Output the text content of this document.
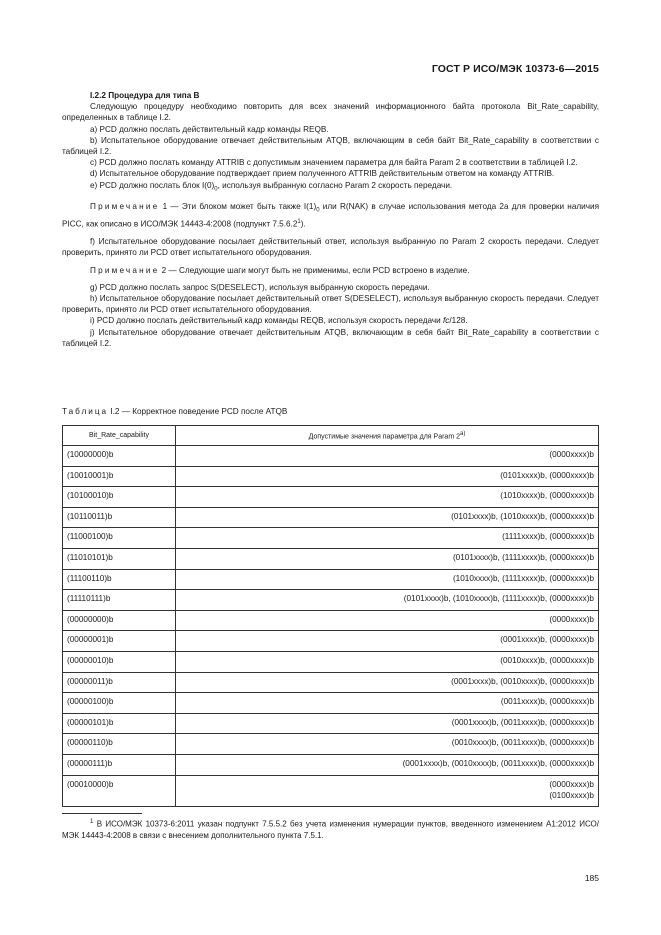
ГОСТ Р ИСО/МЭК 10373-6—2015
I.2.2 Процедура для типа В

Следующую процедуру необходимо повторить для всех значений информационного байта протокола Bit_Rate_capability, определенных в таблице I.2.

а) PCD должно послать действительный кадр команды REQB.

b) Испытательное оборудование отвечает действительным ATQB, включающим в себя байт Bit_Rate_capability в соответствии с таблицей I.2.

с) PCD должно послать команду ATTRIB с допустимым значением параметра для байта Param 2 в соответствии в таблицей I.2.

d) Испытательное оборудование подтверждает прием полученного ATTRIB действительным ответом на команду ATTRIB.

е) PCD должно послать блок $I(0)_0$, используя выбранную согласно Param 2 скорость передачи.

Примечание 1 — Эти блоком может быть также $I(1)_0$ или R(NAK) в случае использования метода 2а для проверки наличия PICC, как описано в ИСО/МЭК 14443-4:2008 (подпункт 7.5.6.2$^1$).

f) Испытательное оборудование посылает действительный ответ, используя выбранную по Param 2 скорость передачи. Следует проверить, принято ли PCD ответ испытательного оборудования.

Примечание 2 — Следующие шаги могут быть не применимы, если PCD встроено в изделие.

g) PCD должно послать запрос S(DESELECT), используя выбранную скорость передачи.

h) Испытательное оборудование посылает действительный ответ S(DESELECT), используя выбранную скорость передачи. Следует проверить, принято ли PCD ответ испытательного оборудования.

i) PCD должно послать действительный кадр команды REQB, используя скорость передачи fc/128.

j) Испытательное оборудование отвечает действительным ATQB, включающим в себя байт Bit_Rate_capability в соответствии с таблицей I.2.

Таблица I.2 — Корректное поведение PCD после ATQB
Bit_Rate_capability	Допустимые значения параметра для Param $2^{а)}$
(10000000)b	(0000xxxx)b
(10010001)b	(0101xxxx)b, (0000xxxx)b
(10100010)b	(1010xxxx)b, (0000xxxx)b
(10110011)b	(0101xxxx)b, (1010xxxx)b, (0000xxxx)b
(11000100)b	(1111xxxx)b, (0000xxxx)b
(11010101)b	(0101xxxx)b, (1111xxxx)b, (0000xxxx)b
(11100110)b	(1010xxxx)b, (1111xxxx)b, (0000xxxx)b
(11110111)b	(0101xxxx)b, (1010xxxx)b, (1111xxxx)b, (0000xxxx)b
(00000000)b	(0000xxxx)b
(00000001)b	(0001xxxx)b, (0000xxxx)b
(00000010)b	(0010xxxx)b, (0000xxxx)b
(00000011)b	(0001xxxx)b, (0010xxxx)b, (0000xxxx)b
(00000100)b	(0011xxxx)b, (0000xxxx)b
(00000101)b	(0001xxxx)b, (0011xxxx)b, (0000xxxx)b
(00000110)b	(0010xxxx)b, (0011xxxx)b, (0000xxxx)b
(00000111)b	(0001xxxx)b, (0010xxxx)b, (0011xxxx)b, (0000xxxx)b
(00010000)b	(0000xxxx)b
(0100xxxx)b

$^1$ В ИСО/МЭК 10373-6:2011 указан подпункт 7.5.5.2 без учета изменения нумерации пунктов, введенного изменением А1:2012 ИСО/МЭК 14443-4:2008 в связи с внесением дополнительного пункта 7.5.1.

185
